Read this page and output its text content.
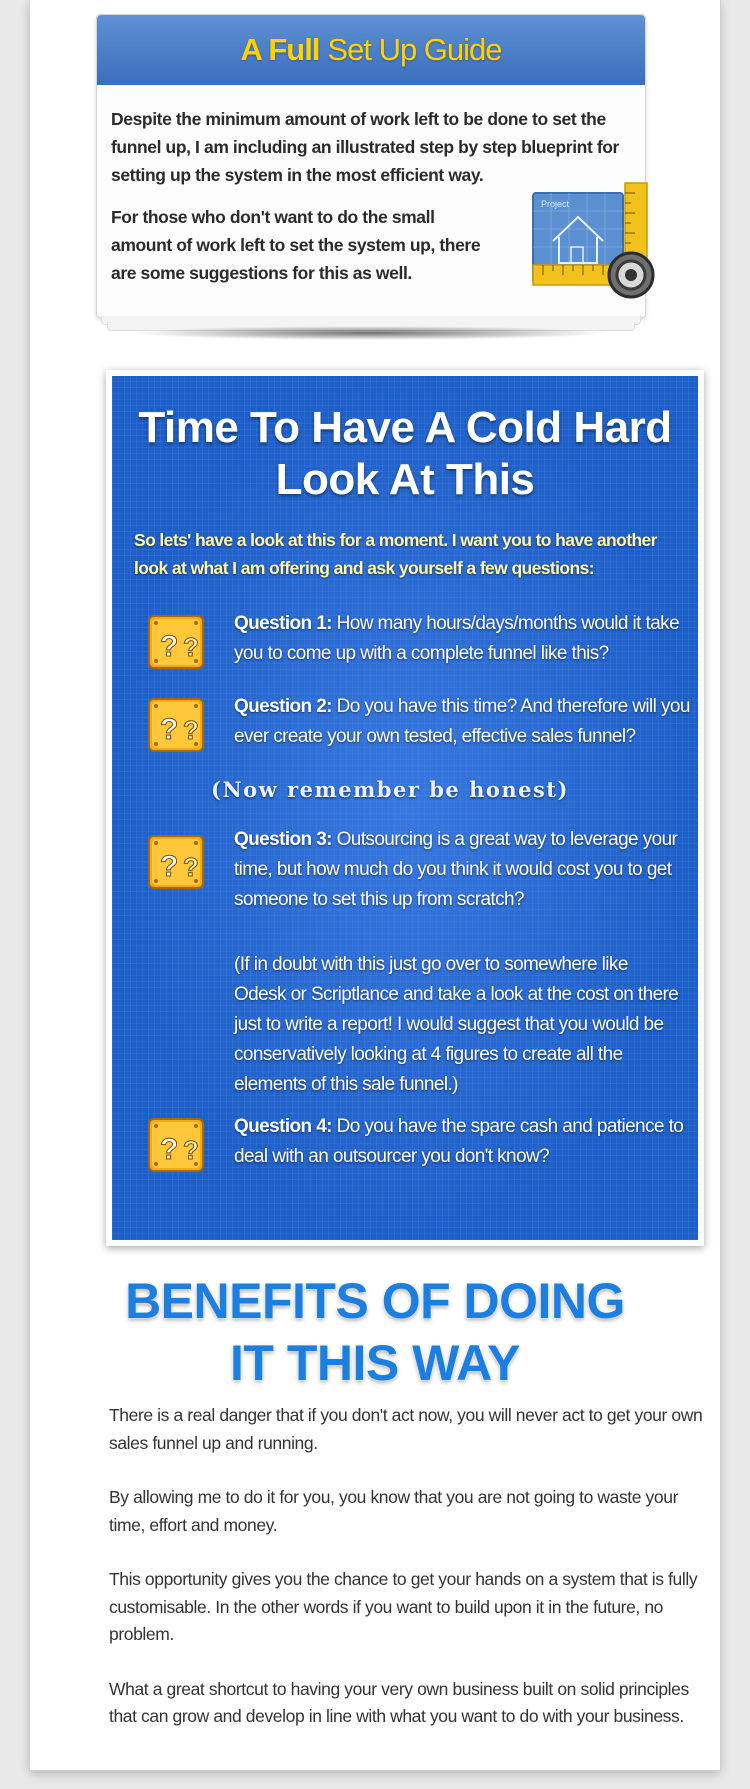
A Full Set Up Guide

Despite the minimum amount of work left to be done to set the funnel up, I am including an illustrated step by step blueprint for setting up the system in the most efficient way.

For those who don't want to do the small amount of work left to set the system up, there are some suggestions for this as well.

Project
Time To Have A Cold Hard
Look At This
So lets' have a look at this for a moment. I want you to have another look at what I am offering and ask yourself a few questions:
? ?
Question 1: How many hours/days/months would it take you to come up with a complete funnel like this?
? ?
Question 2: Do you have this time? And therefore will you ever create your own tested, effective sales funnel?
(Now remember be honest)
? ?
Question 3: Outsourcing is a great way to leverage your time, but how much do you think it would cost you to get someone to set this up from scratch?
(If in doubt with this just go over to somewhere like Odesk or Scriptlance and take a look at the cost on there just to write a report! I would suggest that you would be conservatively looking at 4 figures to create all the elements of this sale funnel.)
? ?
Question 4: Do you have the spare cash and patience to deal with an outsourcer you don't know?
BENEFITS OF DOING
IT THIS WAY

There is a real danger that if you don't act now, you will never act to get your own sales funnel up and running.

By allowing me to do it for you, you know that you are not going to waste your time, effort and money.

This opportunity gives you the chance to get your hands on a system that is fully customisable. In the other words if you want to build upon it in the future, no problem.

What a great shortcut to having your very own business built on solid principles that can grow and develop in line with what you want to do with your business.
